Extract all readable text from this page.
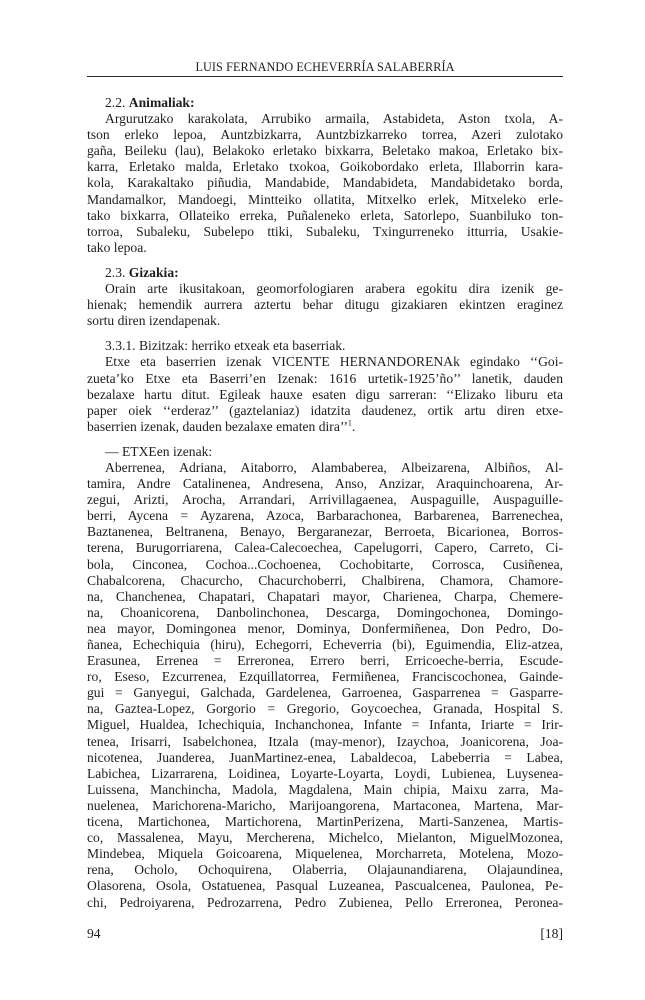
LUIS FERNANDO ECHEVERRÍA SALABERRÍA

2.2. Animaliak:

Argurutzako karakolata, Arrubiko armaila, Astabideta, Aston txola, A-
tson erleko lepoa, Auntzbizkarra, Auntzbizkarreko torrea, Azeri zulotako
gaña, Beileku (lau), Belakoko erletako bixkarra, Beletako makoa, Erletako bix-
karra, Erletako malda, Erletako txokoa, Goikobordako erleta, Illaborrin kara-
kola, Karakaltako piñudia, Mandabide, Mandabideta, Mandabidetako borda,
Mandamalkor, Mandoegi, Mintteiko ollatita, Mitxelko erlek, Mitxeleko erle-
tako bixkarra, Ollateiko erreka, Puñaleneko erleta, Satorlepo, Suanbiluko ton-
torroa, Subaleku, Subelepo ttiki, Subaleku, Txingurreneko itturria, Usakie-
tako lepoa.

2.3. Gizakia:

Orain arte ikusitakoan, geomorfologiaren arabera egokitu dira izenik ge-
hienak; hemendik aurrera aztertu behar ditugu gizakiaren ekintzen eraginez
sortu diren izendapenak.

3.3.1. Bizitzak: herriko etxeak eta baserriak.

Etxe eta baserrien izenak VICENTE HERNANDORENAk egindako ‘‘Goi-
zueta’ko Etxe eta Baserri’en Izenak: 1616 urtetik-1925’ño’’ lanetik, dauden
bezalaxe hartu ditut. Egileak hauxe esaten digu sarreran: ‘‘Elizako liburu eta
paper oiek ‘‘erderaz’’ (gaztelaniaz) idatzita daudenez, ortik artu diren etxe-
baserrien izenak, dauden bezalaxe ematen dira’’$^1$.

— ETXEen izenak:

Aberrenea, Adriana, Aitaborro, Alambaberea, Albeizarena, Albiños, Al-
tamira, Andre Catalinenea, Andresena, Anso, Anzizar, Araquinchoarena, Ar-
zegui, Arizti, Arocha, Arrandari, Arrivillagaenea, Auspaguille, Auspaguille-
berri, Aycena = Ayzarena, Azoca, Barbarachonea, Barbarenea, Barrenechea,
Baztanenea, Beltranena, Benayo, Bergaranezar, Berroeta, Bicarionea, Borros-
terena, Burugorriarena, Calea-Calecoechea, Capelugorri, Capero, Carreto, Ci-
bola, Cinconea, Cochoa...Cochoenea, Cochobitarte, Corrosca, Cusiñenea,
Chabalcorena, Chacurcho, Chacurchoberri, Chalbirena, Chamora, Chamore-
na, Chanchenea, Chapatari, Chapatari mayor, Charienea, Charpa, Chemere-
na, Choanicorena, Danbolinchonea, Descarga, Domingochonea, Domingo-
nea mayor, Domingonea menor, Dominya, Donfermiñenea, Don Pedro, Do-
ñanea, Echechiquia (hiru), Echegorri, Echeverria (bi), Eguimendia, Eliz-atzea,
Erasunea, Errenea = Erreronea, Errero berri, Erricoeche-berria, Escude-
ro, Eseso, Ezcurrenea, Ezquillatorrea, Fermiñenea, Franciscochonea, Gainde-
gui = Ganyegui, Galchada, Gardelenea, Garroenea, Gasparrenea = Gasparre-
na, Gaztea-Lopez, Gorgorio = Gregorio, Goycoechea, Granada, Hospital S.
Miguel, Hualdea, Ichechiquia, Inchanchonea, Infante = Infanta, Iriarte = Irir-
tenea, Irisarri, Isabelchonea, Itzala (may-menor), Izaychoa, Joanicorena, Joa-
nicotenea, Juanderea, JuanMartinez-enea, Labaldecoa, Labeberria = Labea,
Labichea, Lizarrarena, Loidinea, Loyarte-Loyarta, Loydi, Lubienea, Luysenea-
Luissena, Manchincha, Madola, Magdalena, Main chipia, Maixu zarra, Ma-
nuelenea, Marichorena-Maricho, Marijoangorena, Martaconea, Martena, Mar-
ticena, Martichonea, Martichorena, MartinPerizena, Marti-Sanzenea, Martis-
co, Massalenea, Mayu, Mercherena, Michelco, Mielanton, MiguelMozonea,
Mindebea, Miquela Goicoarena, Miquelenea, Morcharreta, Motelena, Mozo-
rena, Ocholo, Ochoquirena, Olaberria, Olajaunandiarena, Olajaundinea,
Olasorena, Osola, Ostatuenea, Pasqual Luzeanea, Pascualcenea, Paulonea, Pe-
chi, Pedroiyarena, Pedrozarrena, Pedro Zubienea, Pello Erreronea, Peronea-
94	[18]
